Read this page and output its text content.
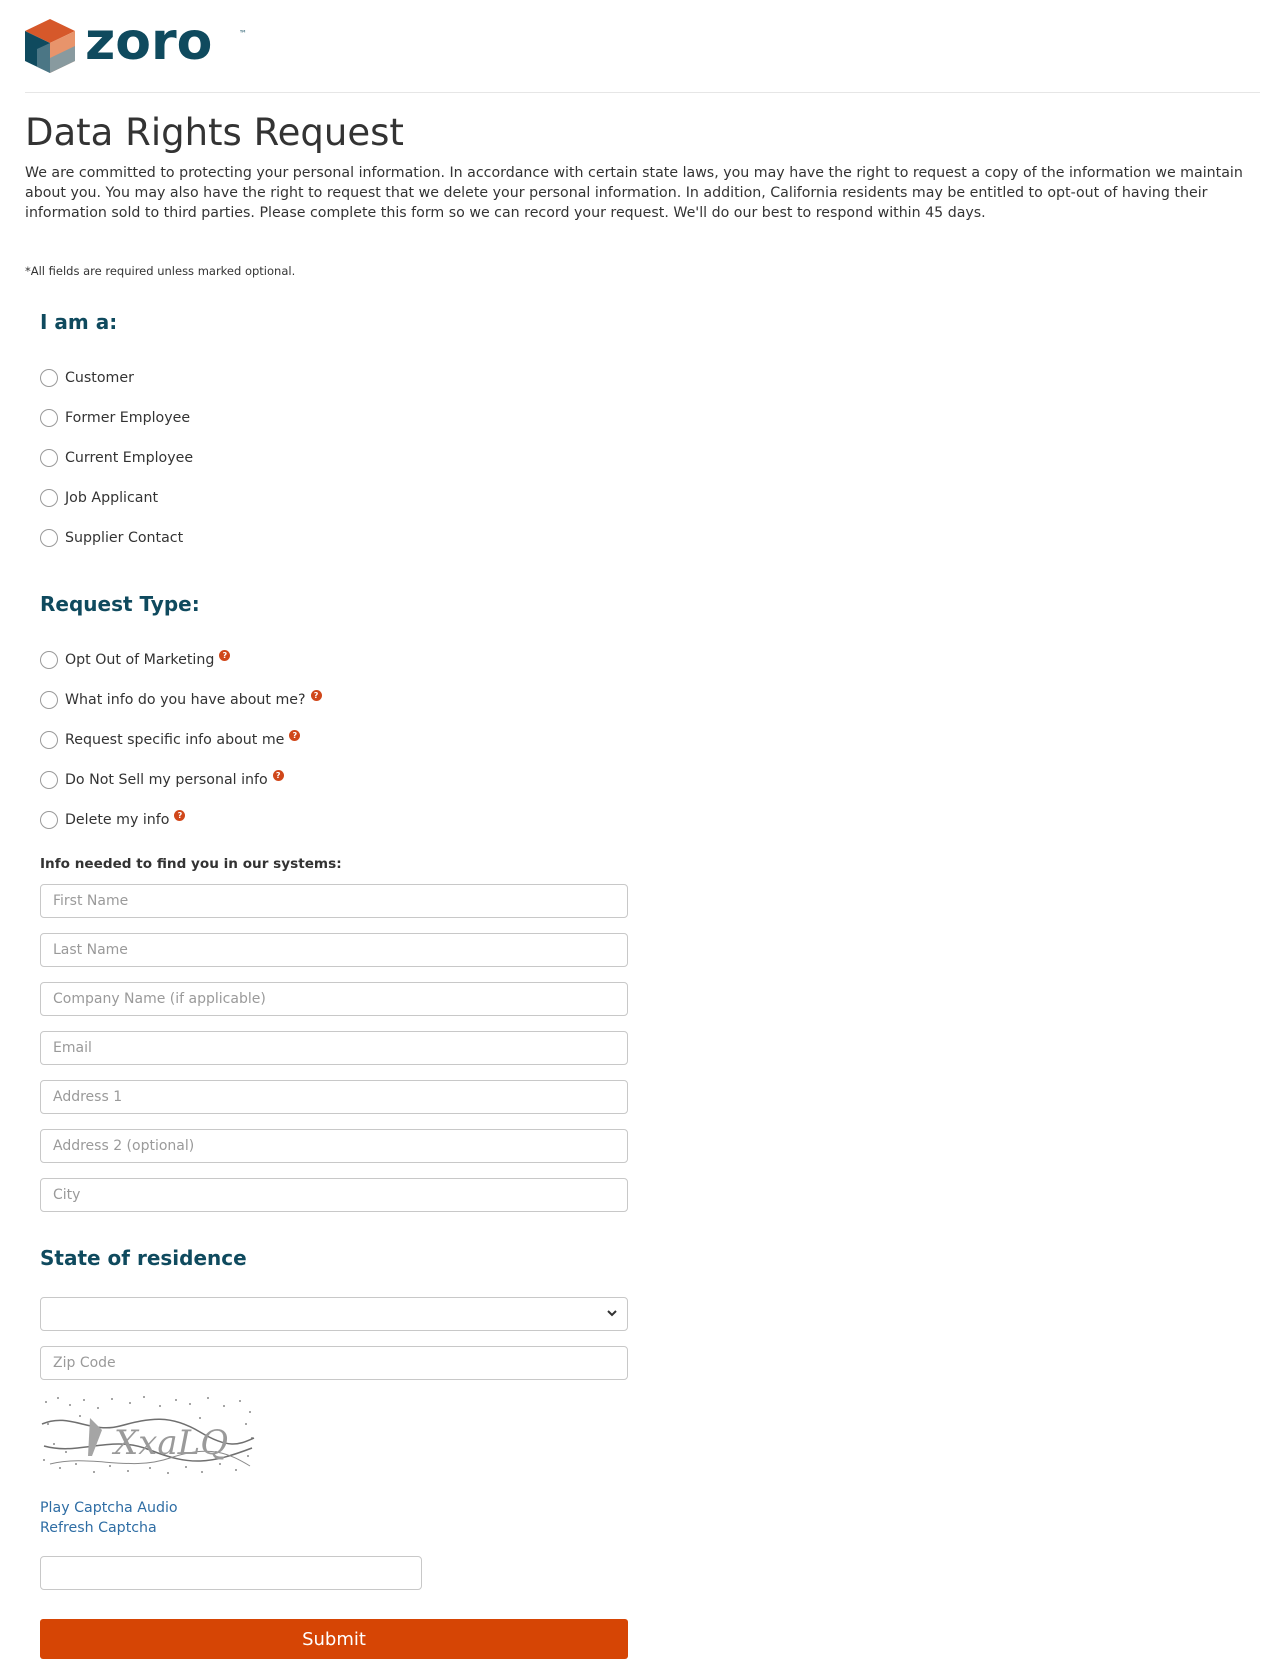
zoro	™
Data Rights Request

We are committed to protecting your personal information. In accordance with certain state laws, you may have the right to request a copy of the information we maintain about you. You may also have the right to request that we delete your personal information. In addition, California residents may be entitled to opt-out of having their information sold to third parties. Please complete this form so we can record your request. We'll do our best to respond within 45 days.

*All fields are required unless marked optional.

I am a:
Customer
Former Employee
Current Employee
Job Applicant
Supplier Contact
Request Type:
Opt Out of Marketing	?
What info do you have about me?	?
Request specific info about me	?
Do Not Sell my personal info	?
Delete my info	?
Info needed to find you in our systems:
First Name
Last Name
Company Name (if applicable)
Email
Address 1
Address 2 (optional)
City
State of residence
Zip Code
XxaLQ
Play Captcha Audio
Refresh Captcha
Submit
